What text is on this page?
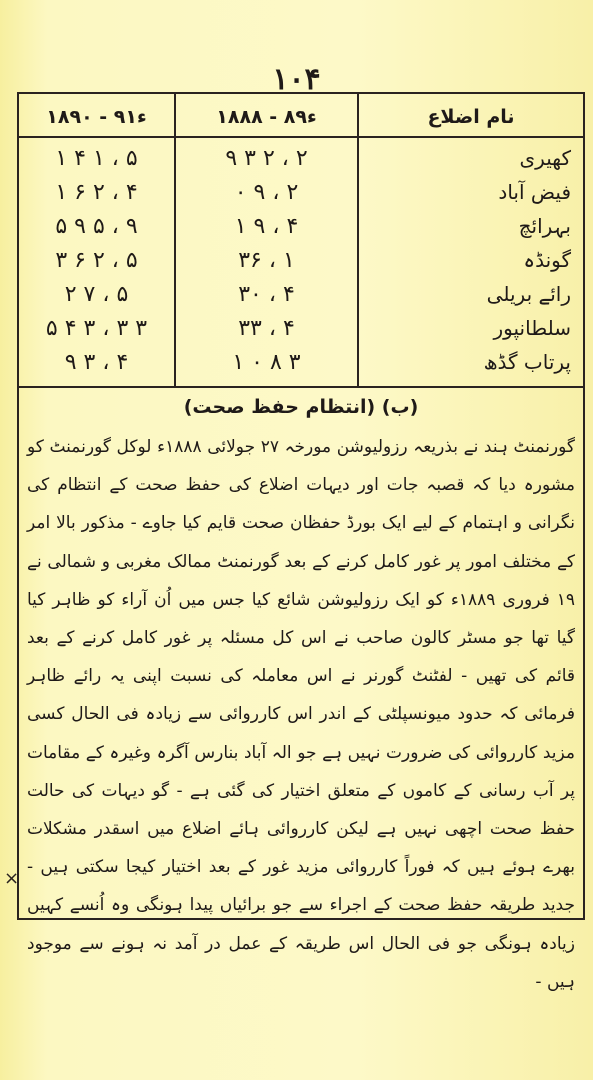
۱۰۴
نام اضلاع
۱۸۸۸ - ۸۹ء
۱۸۹۰ - ۹۱ء
کھیری
۹ ۳ ۲ ، ۲
۱ ۴ ۱ ، ۵
فیض آباد
۰ ۹ ، ۲
۱ ۶ ۲ ، ۴
بہرائچ
۱ ۹ ، ۴
۵ ۹ ۵ ، ۹
گونڈہ
۳۶ ، ۱
۳ ۶ ۲ ، ۵
رائے بریلی
۳۰ ، ۴
۲ ۷ ، ۵
سلطانپور
۳۳ ، ۴
۵ ۴ ۳ ، ۳ ۳
پرتاب گڈھ
۱ ۰ ۸ ۳
۹ ۳ ، ۴
(ب) (انتظام حفظ صحت)
گورنمنٹ ہند نے بذریعہ رزولیوشن مورخہ ۲۷ جولائی ۱۸۸۸ء لوکل گورنمنٹ کو مشورہ دیا کہ قصبہ جات اور دیہات اضلاع کی حفظ صحت کے انتظام کی نگرانی و اہتمام کے لیے ایک بورڈ حفظان صحت قایم کیا جاوے - مذکور بالا امر کے مختلف امور پر غور کامل کرنے کے بعد گورنمنٹ ممالک مغربی و شمالی نے ۱۹ فروری ۱۸۸۹ء کو ایک رزولیوشن شائع کیا جس میں اُن آراء کو ظاہر کیا گیا تھا جو مسٹر کالون صاحب نے اس کل مسئلہ پر غور کامل کرنے کے بعد قائم کی تھیں - لفٹنٹ گورنر نے اس معاملہ کی نسبت اپنی یہ رائے ظاہر فرمائی کہ حدود میونسپلٹی کے اندر اس کارروائی سے زیادہ فی الحال کسی مزید کارروائی کی ضرورت نہیں ہے جو الہ آباد بنارس آگرہ وغیرہ کے مقامات پر آب رسانی کے کاموں کے متعلق اختیار کی گئی ہے - گو دیہات کی حالت حفظ صحت اچھی نہیں ہے لیکن کارروائی ہائے اضلاع میں اسقدر مشکلات بھرے ہوئے ہیں کہ فوراً کارروائی مزید غور کے بعد اختیار کیجا سکتی ہیں - جدید طریقہ حفظ صحت کے اجراء سے جو برائیاں پیدا ہونگی وہ اُنسے کہیں زیادہ ہونگی جو فی الحال اس طریقہ کے عمل در آمد نہ ہونے سے موجود ہیں -
×
